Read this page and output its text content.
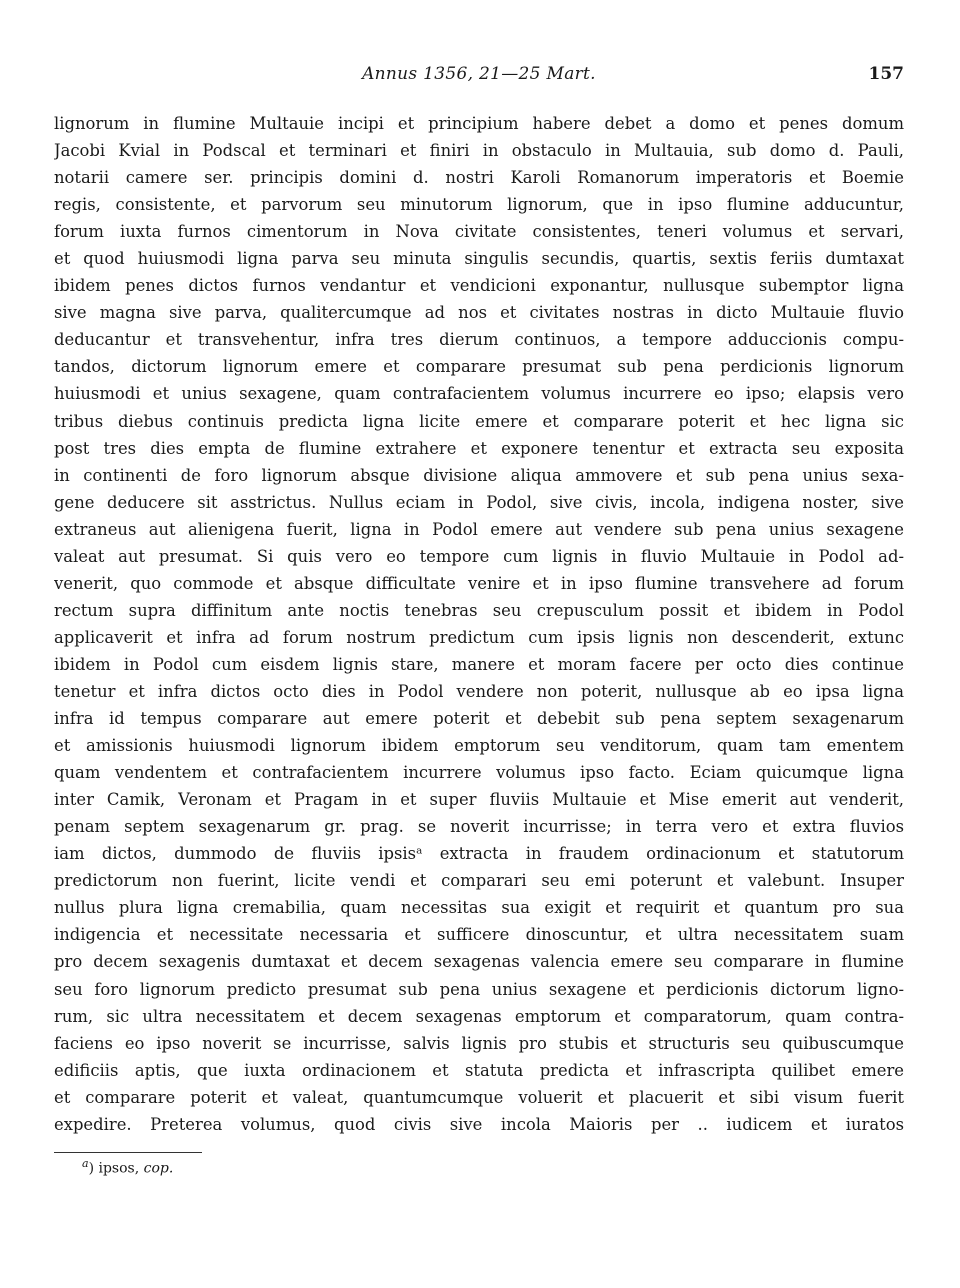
Annus 1356, 21—25 Mart.	157
lignorum in flumine Multauie incipi et principium habere debet a domo et penes domum
Jacobi Kvial in Podscal et terminari et finiri in obstaculo in Multauia, sub domo d. Pauli,
notarii camere ser. principis domini d. nostri Karoli Romanorum imperatoris et Boemie
regis, consistente, et parvorum seu minutorum lignorum, que in ipso flumine adducuntur,
forum iuxta furnos cimentorum in Nova civitate consistentes, teneri volumus et servari,
et quod huiusmodi ligna parva seu minuta singulis secundis, quartis, sextis feriis dumtaxat
ibidem penes dictos furnos vendantur et vendicioni exponantur, nullusque subemptor ligna
sive magna sive parva, qualitercumque ad nos et civitates nostras in dicto Multauie fluvio
deducantur et transvehentur, infra tres dierum continuos, a tempore adduccionis compu-
tandos, dictorum lignorum emere et comparare presumat sub pena perdicionis lignorum
huiusmodi et unius sexagene, quam contrafacientem volumus incurrere eo ipso; elapsis vero
tribus diebus continuis predicta ligna licite emere et comparare poterit et hec ligna sic
post tres dies empta de flumine extrahere et exponere tenentur et extracta seu exposita
in continenti de foro lignorum absque divisione aliqua ammovere et sub pena unius sexa-
gene deducere sit asstrictus. Nullus eciam in Podol, sive civis, incola, indigena noster, sive
extraneus aut alienigena fuerit, ligna in Podol emere aut vendere sub pena unius sexagene
valeat aut presumat. Si quis vero eo tempore cum lignis in fluvio Multauie in Podol ad-
venerit, quo commode et absque difficultate venire et in ipso flumine transvehere ad forum
rectum supra diffinitum ante noctis tenebras seu crepusculum possit et ibidem in Podol
applicaverit et infra ad forum nostrum predictum cum ipsis lignis non descenderit, extunc
ibidem in Podol cum eisdem lignis stare, manere et moram facere per octo dies continue
tenetur et infra dictos octo dies in Podol vendere non poterit, nullusque ab eo ipsa ligna
infra id tempus comparare aut emere poterit et debebit sub pena septem sexagenarum
et amissionis huiusmodi lignorum ibidem emptorum seu venditorum, quam tam ementem
quam vendentem et contrafacientem incurrere volumus ipso facto. Eciam quicumque ligna
inter Camik, Veronam et Pragam in et super fluviis Multauie et Mise emerit aut venderit,
penam septem sexagenarum gr. prag. se noverit incurrisse; in terra vero et extra fluvios
iam dictos, dummodo de fluviis ipsisᵃ extracta in fraudem ordinacionum et statutorum
predictorum non fuerint, licite vendi et comparari seu emi poterunt et valebunt. Insuper
nullus plura ligna cremabilia, quam necessitas sua exigit et requirit et quantum pro sua
indigencia et necessitate necessaria et sufficere dinoscuntur, et ultra necessitatem suam
pro decem sexagenis dumtaxat et decem sexagenas valencia emere seu comparare in flumine
seu foro lignorum predicto presumat sub pena unius sexagene et perdicionis dictorum ligno-
rum, sic ultra necessitatem et decem sexagenas emptorum et comparatorum, quam contra-
faciens eo ipso noverit se incurrisse, salvis lignis pro stubis et structuris seu quibuscumque
edificiis aptis, que iuxta ordinacionem et statuta predicta et infrascripta quilibet emere
et comparare poterit et valeat, quantumcumque voluerit et placuerit et sibi visum fuerit
expedire. Preterea volumus, quod civis sive incola Maioris per .. iudicem et iuratos
$^a$) ipsos, cop.
